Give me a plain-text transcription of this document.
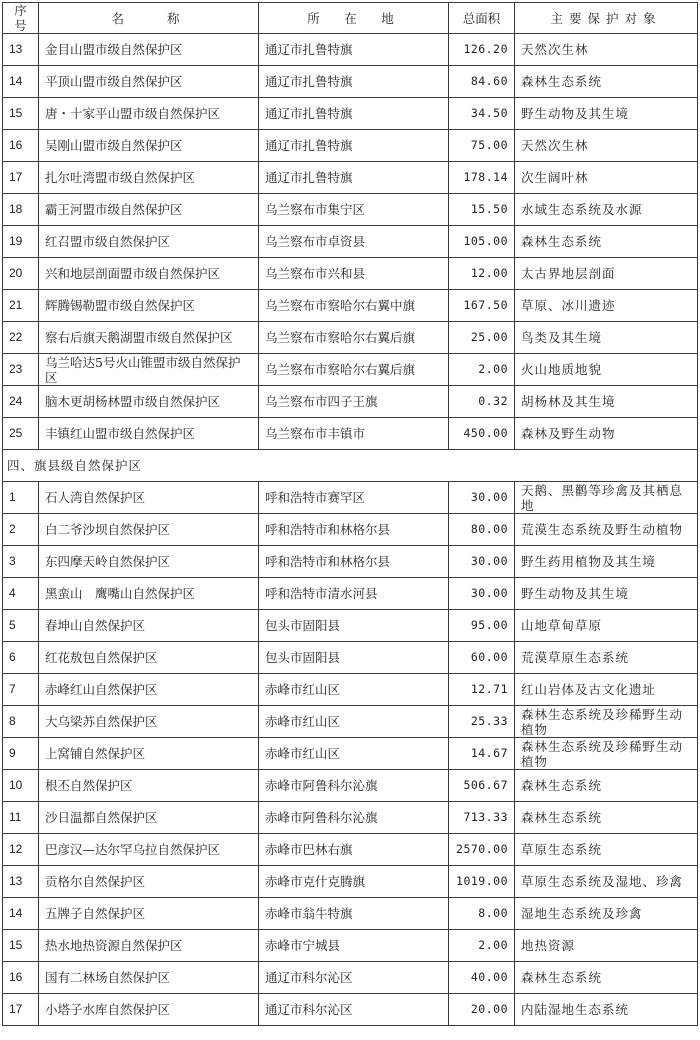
序号	名　　称	所　在　地	总面积	主要保护对象
13	金目山盟市级自然保护区	通辽市扎鲁特旗	126.20	天然次生林
14	平顶山盟市级自然保护区	通辽市扎鲁特旗	84.60	森林生态系统
15	唐・十家平山盟市级自然保护区	通辽市扎鲁特旗	34.50	野生动物及其生境
16	吴刚山盟市级自然保护区	通辽市扎鲁特旗	75.00	天然次生林
17	扎尔吐湾盟市级自然保护区	通辽市扎鲁特旗	178.14	次生阔叶林
18	霸王河盟市级自然保护区	乌兰察布市集宁区	15.50	水域生态系统及水源
19	红召盟市级自然保护区	乌兰察布市卓资县	105.00	森林生态系统
20	兴和地层剖面盟市级自然保护区	乌兰察布市兴和县	12.00	太古界地层剖面
21	辉腾锡勒盟市级自然保护区	乌兰察布市察哈尔右翼中旗	167.50	草原、冰川遗迹
22	察右后旗天鹅湖盟市级自然保护区	乌兰察布市察哈尔右翼后旗	25.00	鸟类及其生境
23	乌兰哈达5号火山锥盟市级自然保护区	乌兰察布市察哈尔右翼后旗	2.00	火山地质地貌
24	脑木更胡杨林盟市级自然保护区	乌兰察布市四子王旗	0.32	胡杨林及其生境
25	丰镇红山盟市级自然保护区	乌兰察布市丰镇市	450.00	森林及野生动物
四、旗县级自然保护区				
1	石人湾自然保护区	呼和浩特市赛罕区	30.00	天鹅、黑鹳等珍禽及其栖息地
2	白二爷沙坝自然保护区	呼和浩特市和林格尔县	80.00	荒漠生态系统及野生动植物
3	东四摩天岭自然保护区	呼和浩特市和林格尔县	30.00	野生药用植物及其生境
4	黑蛮山　鹰嘴山自然保护区	呼和浩特市清水河县	30.00	野生动物及其生境
5	春坤山自然保护区	包头市固阳县	95.00	山地草甸草原
6	红花敖包自然保护区	包头市固阳县	60.00	荒漠草原生态系统
7	赤峰红山自然保护区	赤峰市红山区	12.71	红山岩体及古文化遗址
8	大乌梁苏自然保护区	赤峰市红山区	25.33	森林生态系统及珍稀野生动植物
9	上窝铺自然保护区	赤峰市红山区	14.67	森林生态系统及珍稀野生动植物
10	根丕自然保护区	赤峰市阿鲁科尔沁旗	506.67	森林生态系统
11	沙日温都自然保护区	赤峰市阿鲁科尔沁旗	713.33	森林生态系统
12	巴彦汉—达尔罕乌拉自然保护区	赤峰市巴林右旗	2570.00	草原生态系统
13	贡格尔自然保护区	赤峰市克什克腾旗	1019.00	草原生态系统及湿地、珍禽
14	五牌子自然保护区	赤峰市翁牛特旗	8.00	湿地生态系统及珍禽
15	热水地热资源自然保护区	赤峰市宁城县	2.00	地热资源
16	国有二林场自然保护区	通辽市科尔沁区	40.00	森林生态系统
17	小塔子水库自然保护区	通辽市科尔沁区	20.00	内陆湿地生态系统
